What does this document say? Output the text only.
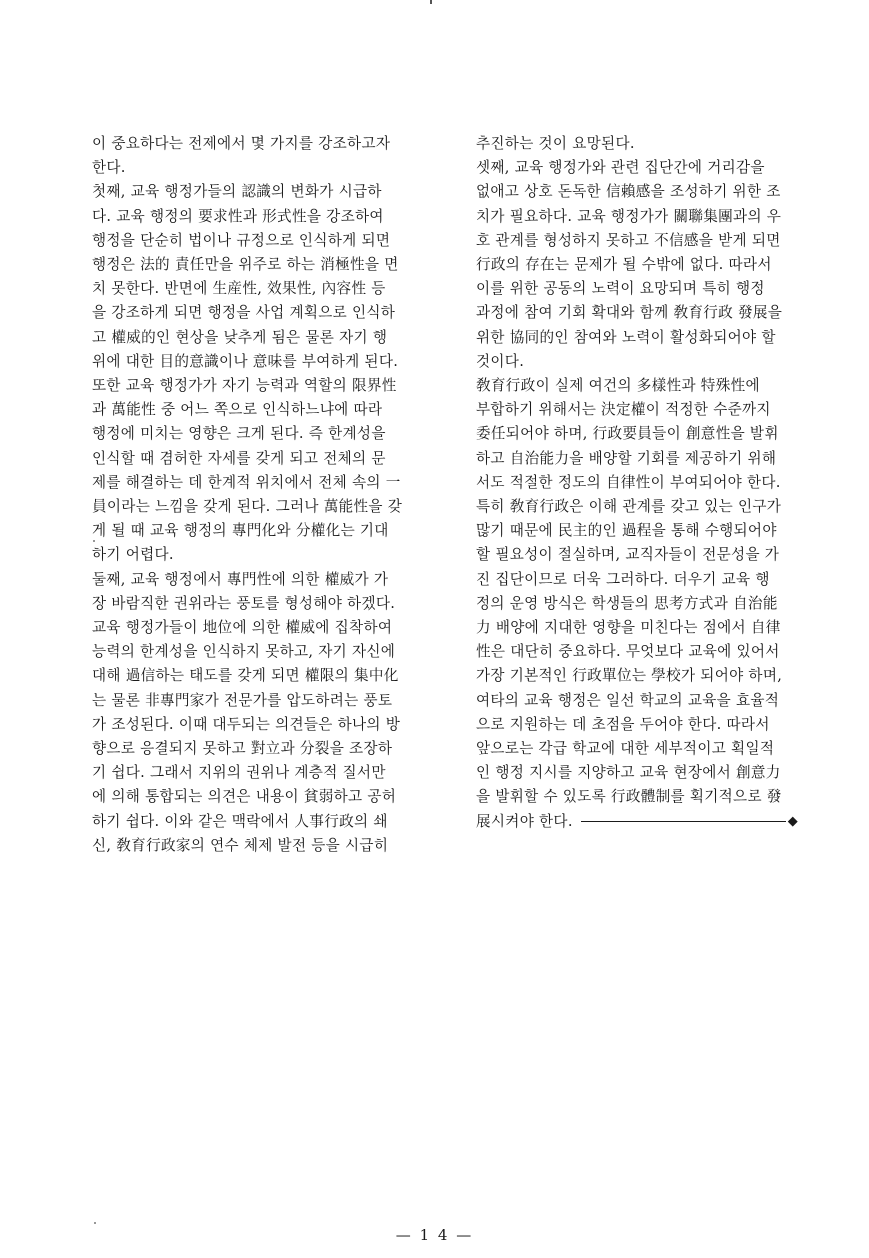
이 중요하다는 전제에서 몇 가지를 강조하고자
한다.

첫째, 교육 행정가들의 認識의 변화가 시급하
다. 교육 행정의 要求性과 形式性을 강조하여
행정을 단순히 법이나 규정으로 인식하게 되면
행정은 法的 責任만을 위주로 하는 消極性을 면
치 못한다. 반면에 生産性, 效果性, 內容性 등
을 강조하게 되면 행정을 사업 계획으로 인식하
고 權威的인 현상을 낮추게 됨은 물론 자기 행
위에 대한 目的意識이나 意味를 부여하게 된다.
또한 교육 행정가가 자기 능력과 역할의 限界性
과 萬能性 중 어느 쪽으로 인식하느냐에 따라
행정에 미치는 영향은 크게 된다. 즉 한계성을
인식할 때 겸허한 자세를 갖게 되고 전체의 문
제를 해결하는 데 한계적 위치에서 전체 속의 一
員이라는 느낌을 갖게 된다. 그러나 萬能性을 갖
게 될 때 교육 행정의 專門化와 分權化는 기대
하기 어렵다.

둘째, 교육 행정에서 專門性에 의한 權威가 가
장 바람직한 권위라는 풍토를 형성해야 하겠다.
교육 행정가들이 地位에 의한 權威에 집착하여
능력의 한계성을 인식하지 못하고, 자기 자신에
대해 過信하는 태도를 갖게 되면 權限의 集中化
는 물론 非專門家가 전문가를 압도하려는 풍토
가 조성된다. 이때 대두되는 의견들은 하나의 방
향으로 응결되지 못하고 對立과 分裂을 조장하
기 쉽다. 그래서 지위의 권위나 계층적 질서만
에 의해 통합되는 의견은 내용이 貧弱하고 공허
하기 쉽다. 이와 같은 맥락에서 人事行政의 쇄
신, 敎育行政家의 연수 체제 발전 등을 시급히

추진하는 것이 요망된다.

셋째, 교육 행정가와 관련 집단간에 거리감을
없애고 상호 돈독한 信賴感을 조성하기 위한 조
치가 필요하다. 교육 행정가가 關聯集團과의 우
호 관계를 형성하지 못하고 不信感을 받게 되면
行政의 存在는 문제가 될 수밖에 없다. 따라서
이를 위한 공동의 노력이 요망되며 특히 행정
과정에 참여 기회 확대와 함께 敎育行政 發展을
위한 協同的인 참여와 노력이 활성화되어야 할
것이다.

敎育行政이 실제 여건의 多樣性과 特殊性에
부합하기 위해서는 決定權이 적정한 수준까지
委任되어야 하며, 行政要員들이 創意性을 발휘
하고 自治能力을 배양할 기회를 제공하기 위해
서도 적절한 정도의 自律性이 부여되어야 한다.
특히 敎育行政은 이해 관계를 갖고 있는 인구가
많기 때문에 民主的인 過程을 통해 수행되어야
할 필요성이 절실하며, 교직자들이 전문성을 가
진 집단이므로 더욱 그러하다. 더우기 교육 행
정의 운영 방식은 학생들의 思考方式과 自治能
力 배양에 지대한 영향을 미친다는 점에서 自律
性은 대단히 중요하다. 무엇보다 교육에 있어서
가장 기본적인 行政單位는 學校가 되어야 하며,
여타의 교육 행정은 일선 학교의 교육을 효율적
으로 지원하는 데 초점을 두어야 한다. 따라서
앞으로는 각급 학교에 대한 세부적이고 획일적
인 행정 지시를 지양하고 교육 현장에서 創意力
을 발휘할 수 있도록 行政體制를 획기적으로 發
展시켜야 한다.	◆

— 1 4 —
